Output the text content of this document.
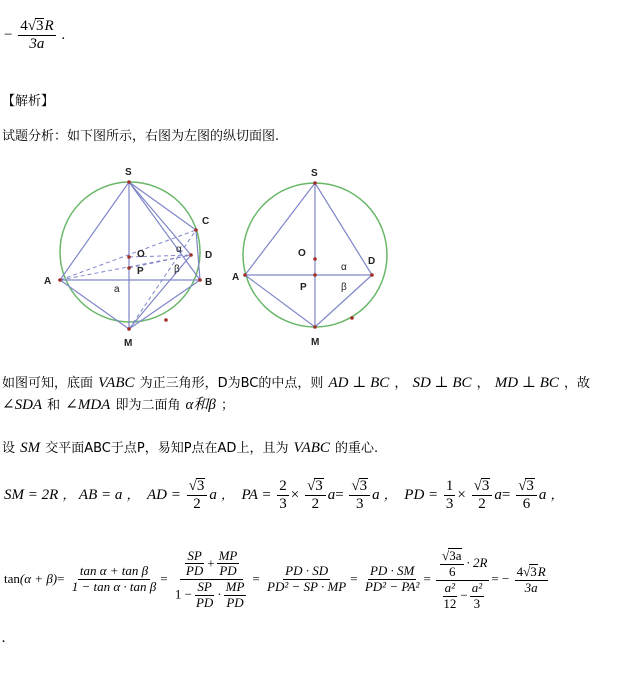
− $\frac{4√3R}{3a}$ .
【解析】
试题分析：如下图所示，右图为左图的纵切面图.
S
C
O	α
D
β
A
P
a
B
M
S
O
α
D
A
P	β
M
如图可知，底面 VABC 为正三角形，D为BC的中点，则 AD ⊥ BC ， SD ⊥ BC ， MD ⊥ BC ，故
∠SDA 和 ∠MDA 即为二面角 α和β ；
设 SM 交平面ABC于点P，易知P点在AD上，且为 VABC 的重心.
SM = 2R ， AB = a ， AD = $\frac{√3}{2}$ a ， PA = $\frac{2}{3} \times \frac{√3}{2} a= \frac{√3}{3}$ a ， PD = $\frac{1}{3} \times \frac{√3}{2} a= \frac{√3}{6}$ a ，
$\tan(\alpha + \beta)= \frac{\text{tan α + tan β}}{\text{1 − tan α · tan β}} = \frac{\frac{SP}{PD} + \frac{MP}{PD}}{1 - \frac{SP}{PD} \cdot \frac{MP}{PD}} = \frac{PD \cdot SD}{\text{PD² − SP · MP}} = \frac{PD \cdot SM}{\text{PD² − PA²}} = \frac{\frac{√3a}{6} \cdot 2R}{\frac{\text{a²}}{12} - \frac{\text{a²}}{3}}$ = − $\frac{4√3R}{3a}$
.
